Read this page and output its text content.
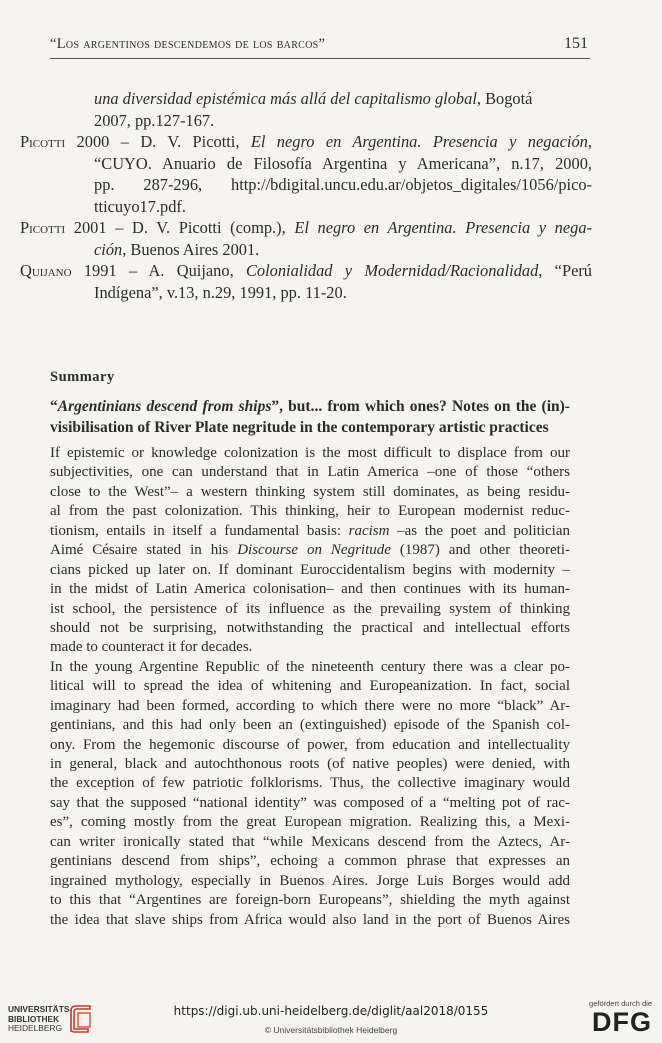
“Los argentinos descendemos de los barcos”	151
una diversidad epistémica más allá del capitalismo global, Bogotá
2007, pp.127-167.
Picotti 2000 – D. V. Picotti, El negro en Argentina. Presencia y negación,
“CUYO. Anuario de Filosofía Argentina y Americana”, n.17, 2000,
pp. 287-296, http://bdigital.uncu.edu.ar/objetos_digitales/1056/pico-
tticuyo17.pdf.
Picotti 2001 – D. V. Picotti (comp.), El negro en Argentina. Presencia y nega-
ción, Buenos Aires 2001.
Quijano 1991 – A. Quijano, Colonialidad y Modernidad/Racionalidad, “Perú
Indígena”, v.13, n.29, 1991, pp. 11-20.
Summary
“Argentinians descend from ships”, but... from which ones? Notes on the (in)-
visibilisation of River Plate negritude in the contemporary artistic practices
If epistemic or knowledge colonization is the most difficult to displace from our
subjectivities, one can understand that in Latin America –one of those “others
close to the West”– a western thinking system still dominates, as being residu-
al from the past colonization. This thinking, heir to European modernist reduc-
tionism, entails in itself a fundamental basis: racism –as the poet and politician
Aimé Césaire stated in his Discourse on Negritude (1987) and other theoreti-
cians picked up later on. If dominant Euroccidentalism begins with modernity –
in the midst of Latin America colonisation– and then continues with its human-
ist school, the persistence of its influence as the prevailing system of thinking
should not be surprising, notwithstanding the practical and intellectual efforts
made to counteract it for decades.
In the young Argentine Republic of the nineteenth century there was a clear po-
litical will to spread the idea of whitening and Europeanization. In fact, social
imaginary had been formed, according to which there were no more “black” Ar-
gentinians, and this had only been an (extinguished) episode of the Spanish col-
ony. From the hegemonic discourse of power, from education and intellectuality
in general, black and autochthonous roots (of native peoples) were denied, with
the exception of few patriotic folklorisms. Thus, the collective imaginary would
say that the supposed “national identity” was composed of a “melting pot of rac-
es”, coming mostly from the great European migration. Realizing this, a Mexi-
can writer ironically stated that “while Mexicans descend from the Aztecs, Ar-
gentinians descend from ships”, echoing a common phrase that expresses an
ingrained mythology, especially in Buenos Aires. Jorge Luis Borges would add
to this that “Argentines are foreign-born Europeans”, shielding the myth against
the idea that slave ships from Africa would also land in the port of Buenos Aires
UNIVERSITÄTS-
BIBLIOTHEK
HEIDELBERG
https://digi.ub.uni-heidelberg.de/diglit/aal2018/0155
© Universitätsbibliothek Heidelberg
gefördert durch die
DFG
